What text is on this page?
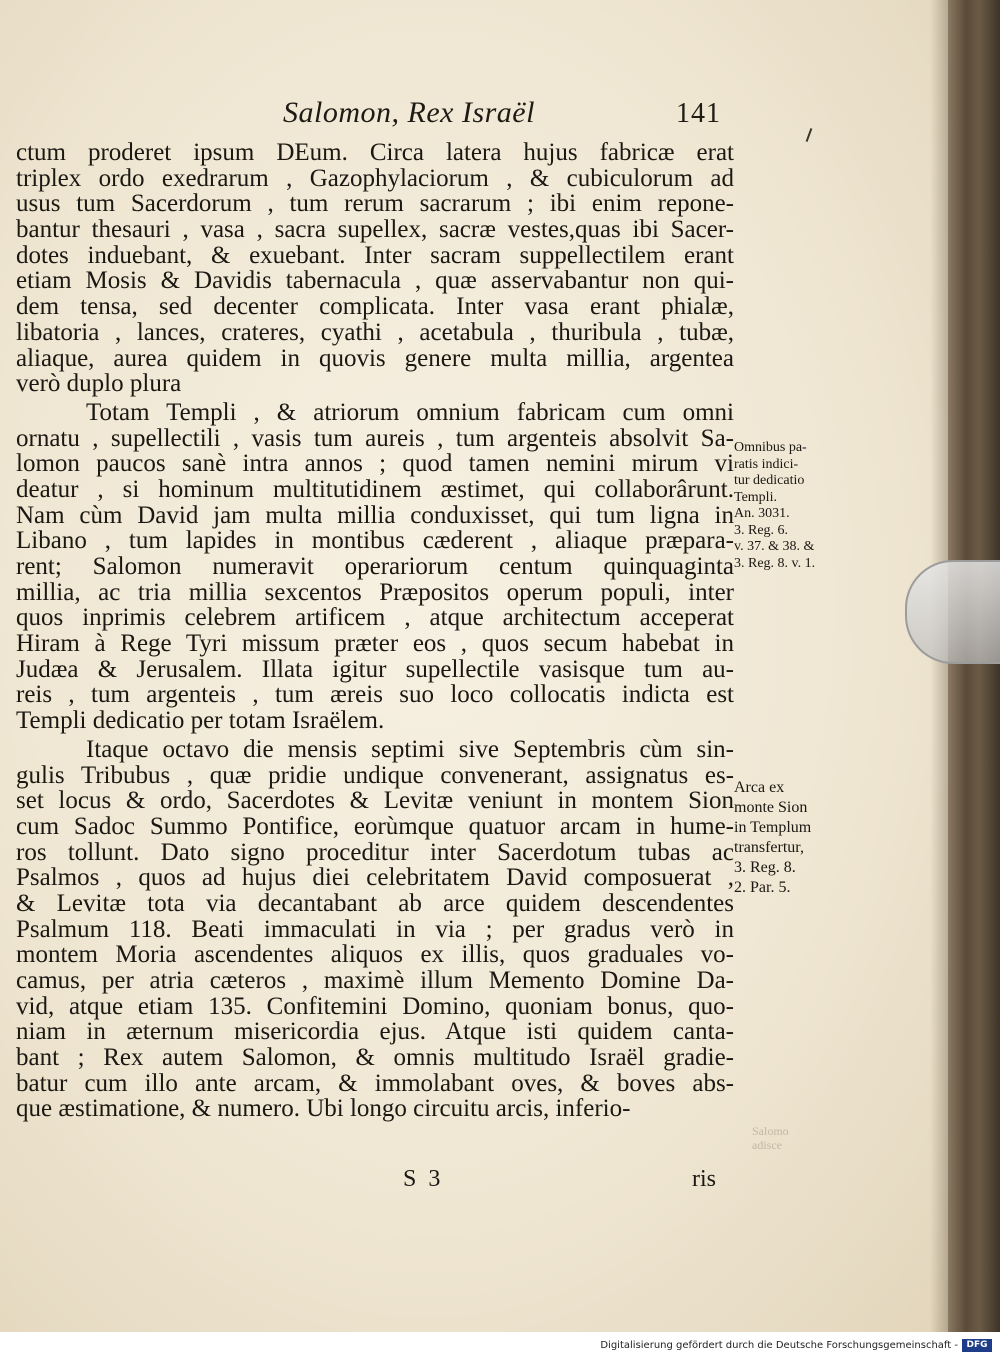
Salomon, Rex Israël	141
ctum proderet ipsum DEum. Circa latera hujus fabricæ erat
triplex ordo exedrarum , Gazophylaciorum , & cubiculorum ad
usus tum Sacerdorum , tum rerum sacrarum ; ibi enim repone-
bantur thesauri , vasa , sacra supellex, sacræ vestes,quas ibi Sacer-
dotes induebant, & exuebant. Inter sacram suppellectilem erant
etiam Mosis & Davidis tabernacula , quæ asservabantur non qui-
dem tensa, sed decenter complicata. Inter vasa erant phialæ,
libatoria , lances, crateres, cyathi , acetabula , thuribula , tubæ,
aliaque, aurea quidem in quovis genere multa millia, argentea
verò duplo plura
Totam Templi , & atriorum omnium fabricam cum omni
ornatu , supellectili , vasis tum aureis , tum argenteis absolvit Sa-
lomon paucos sanè intra annos ; quod tamen nemini mirum vi
deatur , si hominum multitutidinem æstimet, qui collaborârunt.
Nam cùm David jam multa millia conduxisset, qui tum ligna in
Libano , tum lapides in montibus cæderent , aliaque præpara-
rent; Salomon numeravit operariorum centum quinquaginta
millia, ac tria millia sexcentos Præpositos operum populi, inter
quos inprimis celebrem artificem , atque architectum acceperat
Hiram à Rege Tyri missum præter eos , quos secum habebat in
Judæa & Jerusalem. Illata igitur supellectile vasisque tum au-
reis , tum argenteis , tum æreis suo loco collocatis indicta est
Templi dedicatio per totam Israëlem.
Itaque octavo die mensis septimi sive Septembris cùm sin-
gulis Tribubus , quæ pridie undique convenerant, assignatus es-
set locus & ordo, Sacerdotes & Levitæ veniunt in montem Sion
cum Sadoc Summo Pontifice, eorùmque quatuor arcam in hume-
ros tollunt. Dato signo proceditur inter Sacerdotum tubas ac
Psalmos , quos ad hujus diei celebritatem David composuerat ,
& Levitæ tota via decantabant ab arce quidem descendentes
Psalmum 118. Beati immaculati in via ; per gradus verò in
montem Moria ascendentes aliquos ex illis, quos graduales vo-
camus, per atria cæteros , maximè illum Memento Domine Da-
vid, atque etiam 135. Confitemini Domino, quoniam bonus, quo-
niam in æternum misericordia ejus. Atque isti quidem canta-
bant ; Rex autem Salomon, & omnis multitudo Israël gradie-
batur cum illo ante arcam, & immolabant oves, & boves abs-
que æstimatione, & numero. Ubi longo circuitu arcis, inferio-
Omnibus pa-
ratis indici-
tur dedicatio
Templi.
An. 3031.
3. Reg. 6.
v. 37. & 38. &
3. Reg. 8. v. 1.
Arca ex
monte Sion
in Templum
transfertur,
3. Reg. 8.
2. Par. 5.
Salomo
adisce
S 3	ris
Digitalisierung gefördert durch die Deutsche Forschungsgemeinschaft - DFG
